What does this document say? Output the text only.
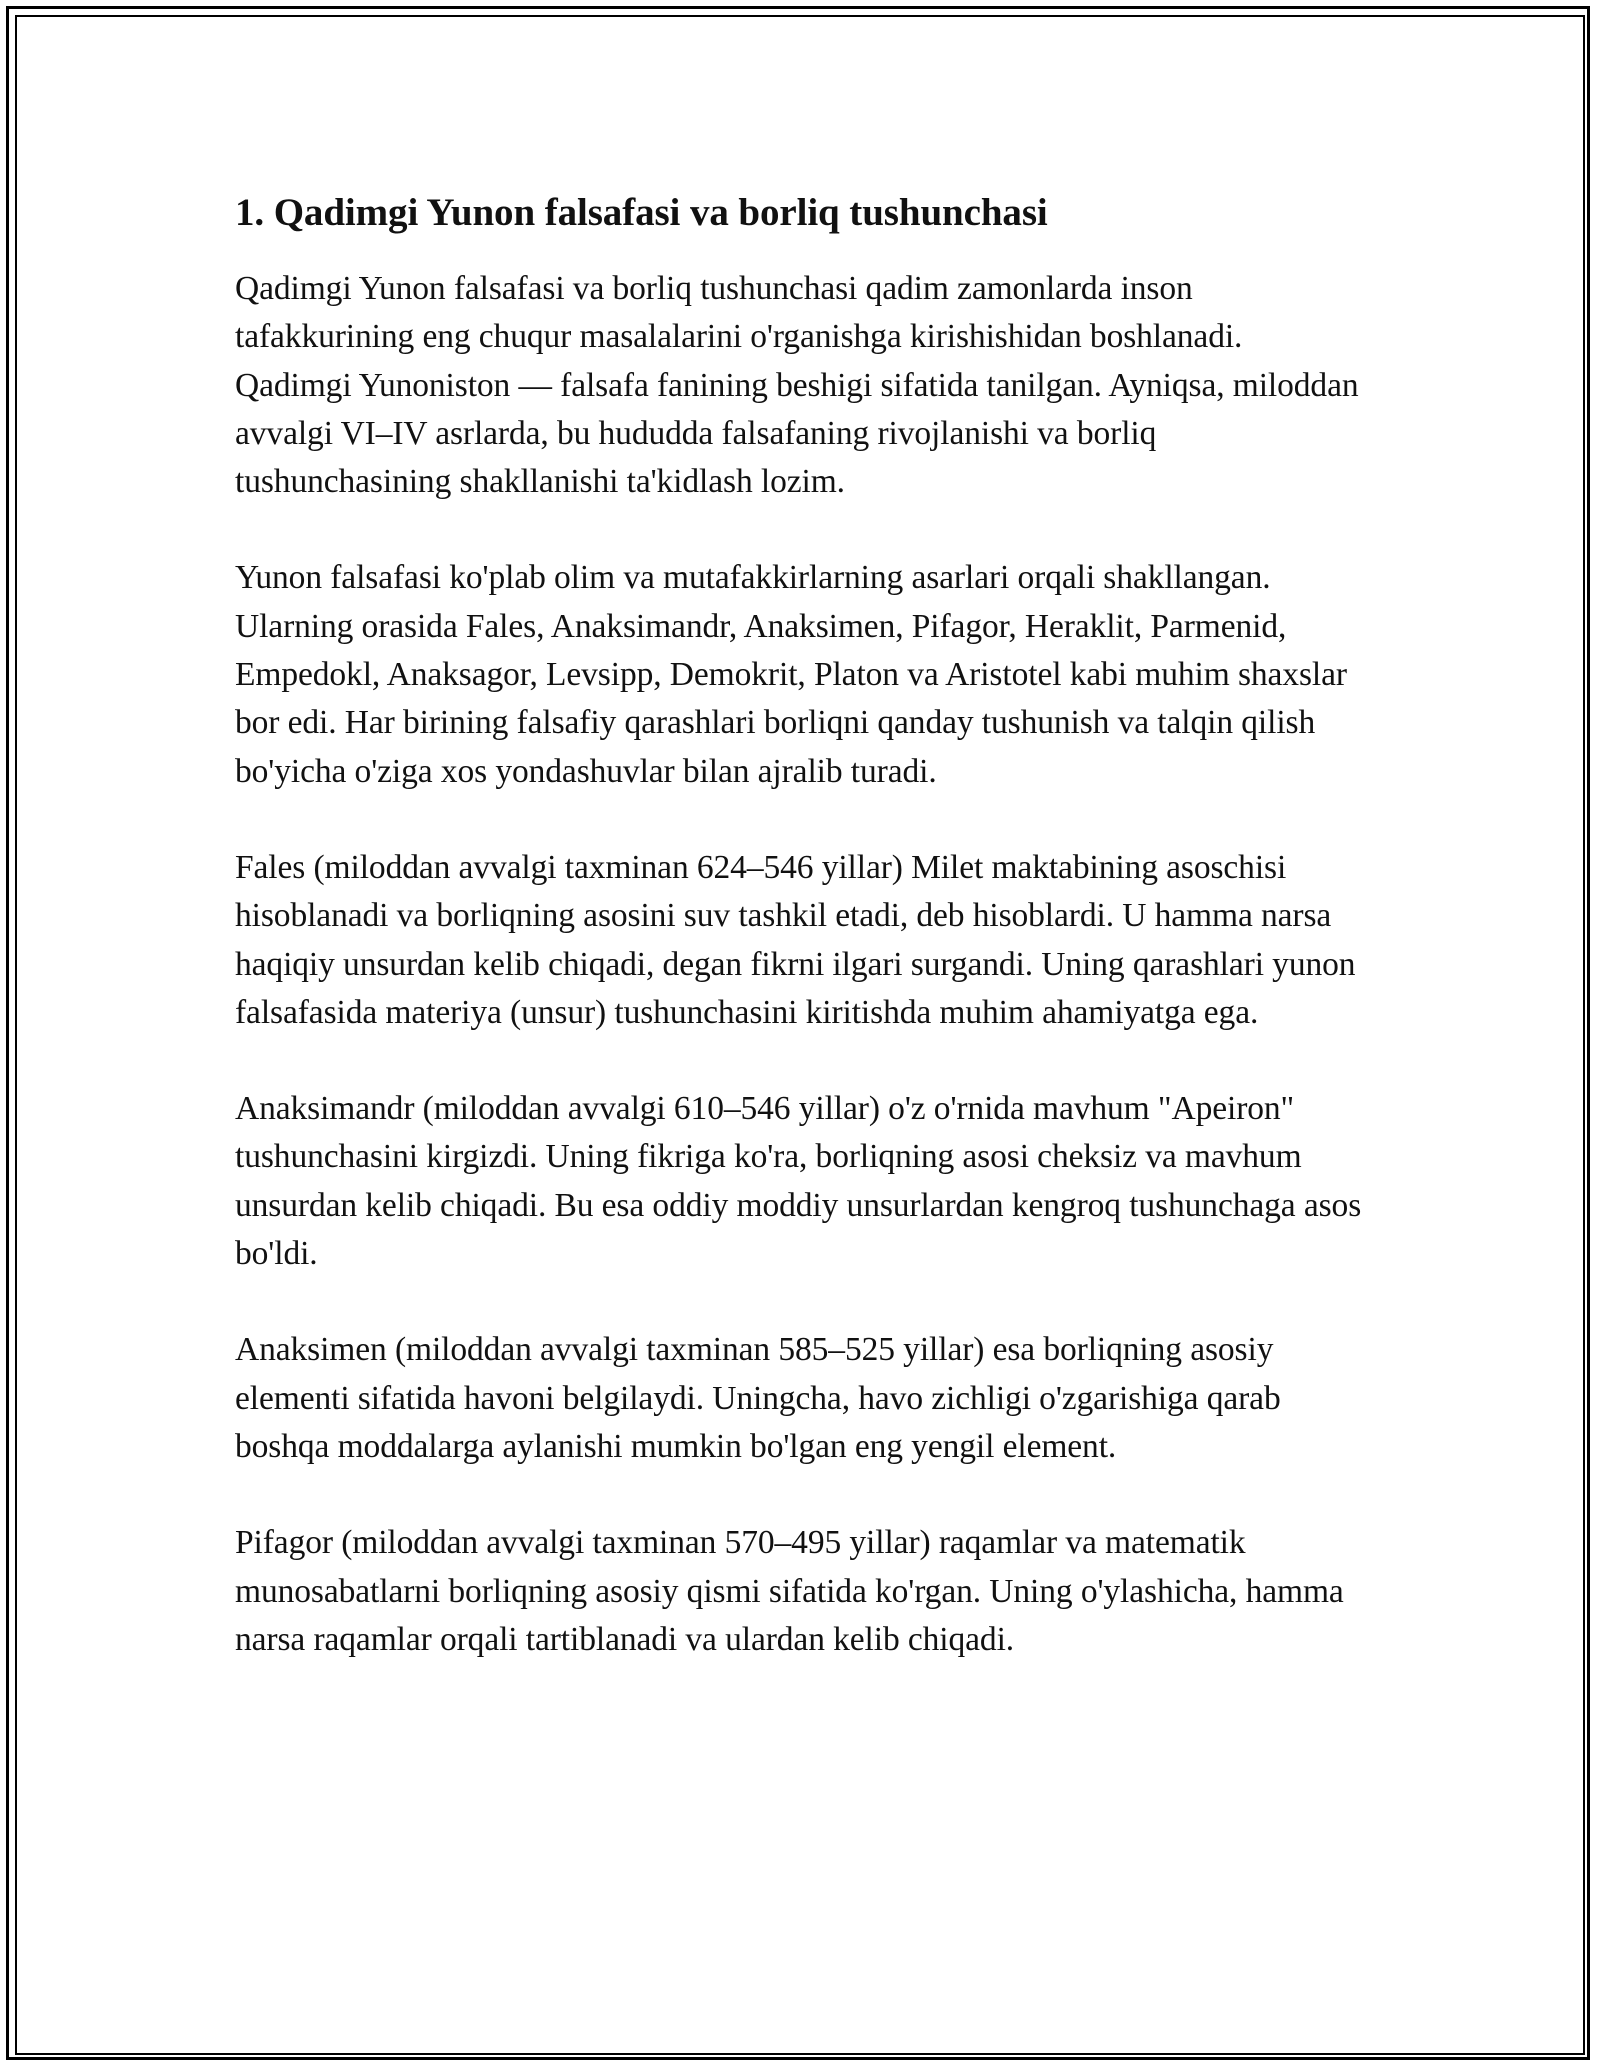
1. Qadimgi Yunon falsafasi va borliq tushunchasi

Qadimgi Yunon falsafasi va borliq tushunchasi qadim zamonlarda inson tafakkurining eng chuqur masalalarini o'rganishga kirishishidan boshlanadi. Qadimgi Yunoniston — falsafa fanining beshigi sifatida tanilgan. Ayniqsa, miloddan avvalgi VI–IV asrlarda, bu hududda falsafaning rivojlanishi va borliq tushunchasining shakllanishi ta'kidlash lozim.

Yunon falsafasi ko'plab olim va mutafakkirlarning asarlari orqali shakllangan. Ularning orasida Fales, Anaksimandr, Anaksimen, Pifagor, Heraklit, Parmenid, Empedokl, Anaksagor, Levsipp, Demokrit, Platon va Aristotel kabi muhim shaxslar bor edi. Har birining falsafiy qarashlari borliqni qanday tushunish va talqin qilish bo'yicha o'ziga xos yondashuvlar bilan ajralib turadi.

Fales (miloddan avvalgi taxminan 624–546 yillar) Milet maktabining asoschisi hisoblanadi va borliqning asosini suv tashkil etadi, deb hisoblardi. U hamma narsa haqiqiy unsurdan kelib chiqadi, degan fikrni ilgari surgandi. Uning qarashlari yunon falsafasida materiya (unsur) tushunchasini kiritishda muhim ahamiyatga ega.

Anaksimandr (miloddan avvalgi 610–546 yillar) o'z o'rnida mavhum "Apeiron" tushunchasini kirgizdi. Uning fikriga ko'ra, borliqning asosi cheksiz va mavhum unsurdan kelib chiqadi. Bu esa oddiy moddiy unsurlardan kengroq tushunchaga asos bo'ldi.

Anaksimen (miloddan avvalgi taxminan 585–525 yillar) esa borliqning asosiy elementi sifatida havoni belgilaydi. Uningcha, havo zichligi o'zgarishiga qarab boshqa moddalarga aylanishi mumkin bo'lgan eng yengil element.

Pifagor (miloddan avvalgi taxminan 570–495 yillar) raqamlar va matematik munosabatlarni borliqning asosiy qismi sifatida ko'rgan. Uning o'ylashicha, hamma narsa raqamlar orqali tartiblanadi va ulardan kelib chiqadi.
